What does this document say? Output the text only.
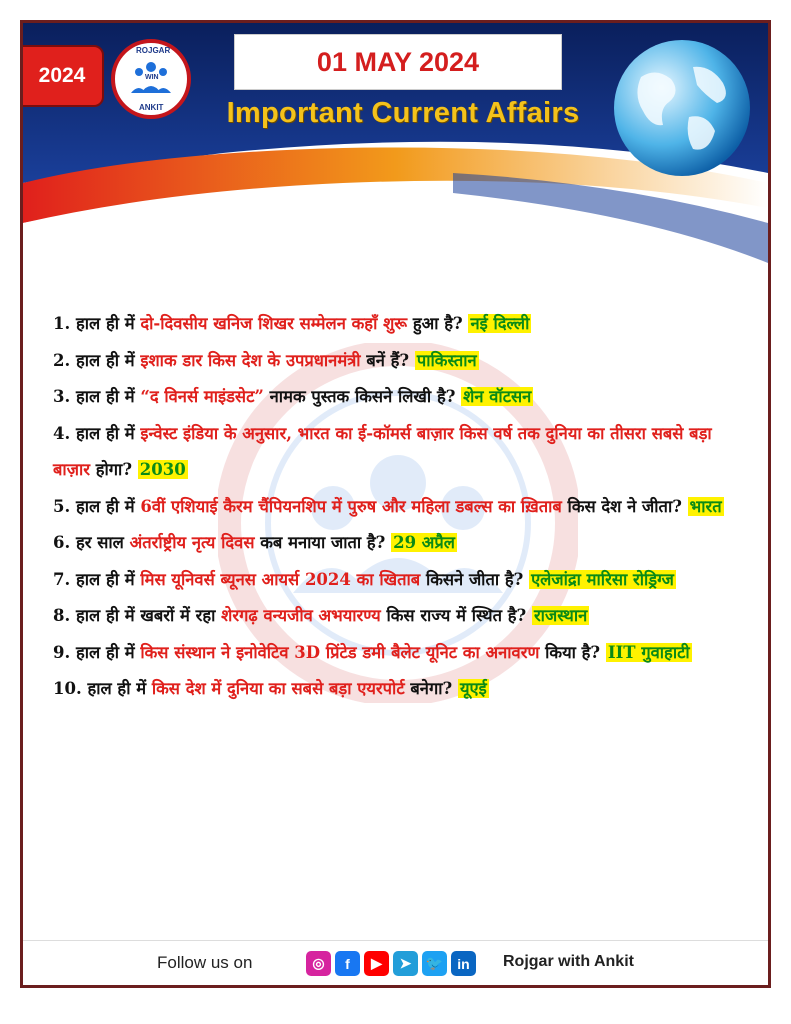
2024
ROJGAR
ANKIT
WIN
01 MAY 2024
Important Current Affairs

1. हाल ही में दो-दिवसीय खनिज शिखर सम्मेलन कहाँ शुरू हुआ है? नई दिल्ली

2. हाल ही में इशाक डार किस देश के उपप्रधानमंत्री बनें हैं? पाकिस्तान

3. हाल ही में “द विनर्स माइंडसेट” नामक पुस्तक किसने लिखी है? शेन वॉटसन

4. हाल ही में इन्वेस्ट इंडिया के अनुसार, भारत का ई-कॉमर्स बाज़ार किस वर्ष तक दुनिया का तीसरा सबसे बड़ा बाज़ार होगा? 2030

5. हाल ही में 6वीं एशियाई कैरम चैंपियनशिप में पुरुष और महिला डबल्स का ख़िताब किस देश ने जीता? भारत

6. हर साल अंतर्राष्ट्रीय नृत्य दिवस कब मनाया जाता है? 29 अप्रैल

7. हाल ही में मिस यूनिवर्स ब्यूनस आयर्स 2024 का खिताब किसने जीता है? एलेजांद्रा मारिसा रोड्रिग्ज

8. हाल ही में खबरों में रहा शेरगढ़ वन्यजीव अभयारण्य किस राज्य में स्थित है? राजस्थान

9. हाल ही में किस संस्थान ने इनोवेटिव 3D प्रिंटेड डमी बैलेट यूनिट का अनावरण किया है? IIT गुवाहाटी

10. हाल ही में किस देश में दुनिया का सबसे बड़ा एयरपोर्ट बनेगा? यूएई

Follow us on	◎	f	▶	➤	🐦	in	Rojgar with Ankit
